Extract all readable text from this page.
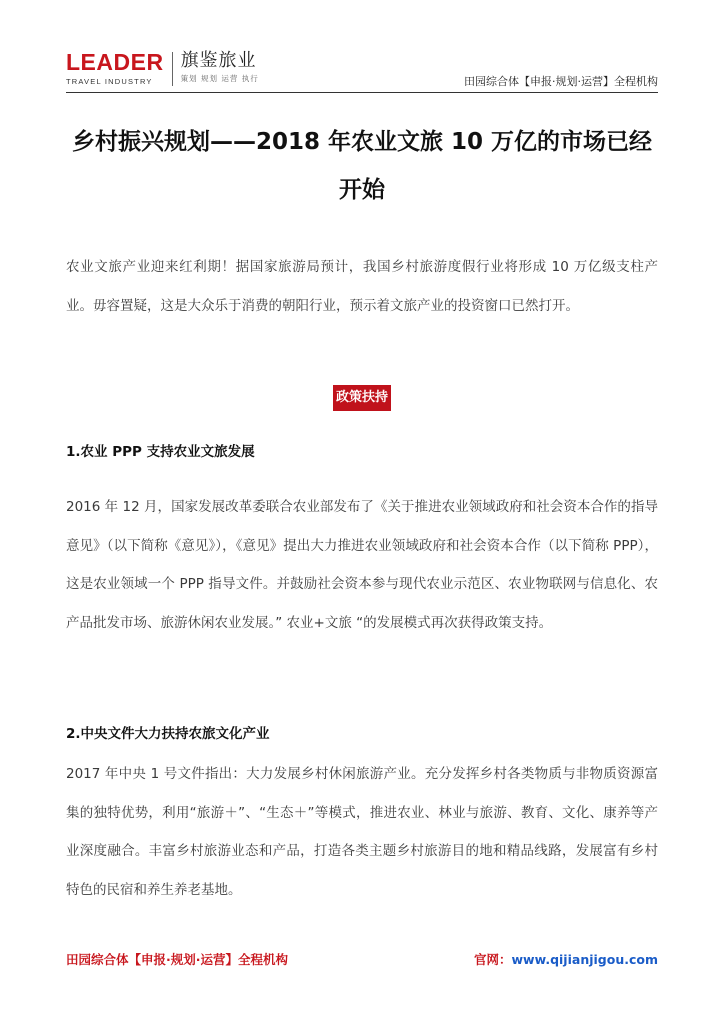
LEADER
TRAVEL INDUSTRY
旗鉴旅业
策划 规划 运营 执行	田园综合体【申报·规划·运营】全程机构
乡村振兴规划——2018 年农业文旅 10 万亿的市场已经开始

农业文旅产业迎来红利期！据国家旅游局预计，我国乡村旅游度假行业将形成 10 万亿级支柱产业。毋容置疑，这是大众乐于消费的朝阳行业，预示着文旅产业的投资窗口已然打开。

政策扶持
1.农业 PPP 支持农业文旅发展

2016 年 12 月，国家发展改革委联合农业部发布了《关于推进农业领域政府和社会资本合作的指导意见》（以下简称《意见》），《意见》提出大力推进农业领域政府和社会资本合作（以下简称 PPP），这是农业领域一个 PPP 指导文件。并鼓励社会资本参与现代农业示范区、农业物联网与信息化、农产品批发市场、旅游休闲农业发展。” 农业+文旅 “的发展模式再次获得政策支持。

2.中央文件大力扶持农旅文化产业

2017 年中央 1 号文件指出：大力发展乡村休闲旅游产业。充分发挥乡村各类物质与非物质资源富集的独特优势，利用“旅游＋”、“生态＋”等模式，推进农业、林业与旅游、教育、文化、康养等产业深度融合。丰富乡村旅游业态和产品，打造各类主题乡村旅游目的地和精品线路，发展富有乡村特色的民宿和养生养老基地。

田园综合体【申报·规划·运营】全程机构	官网：www.qijianjigou.com
